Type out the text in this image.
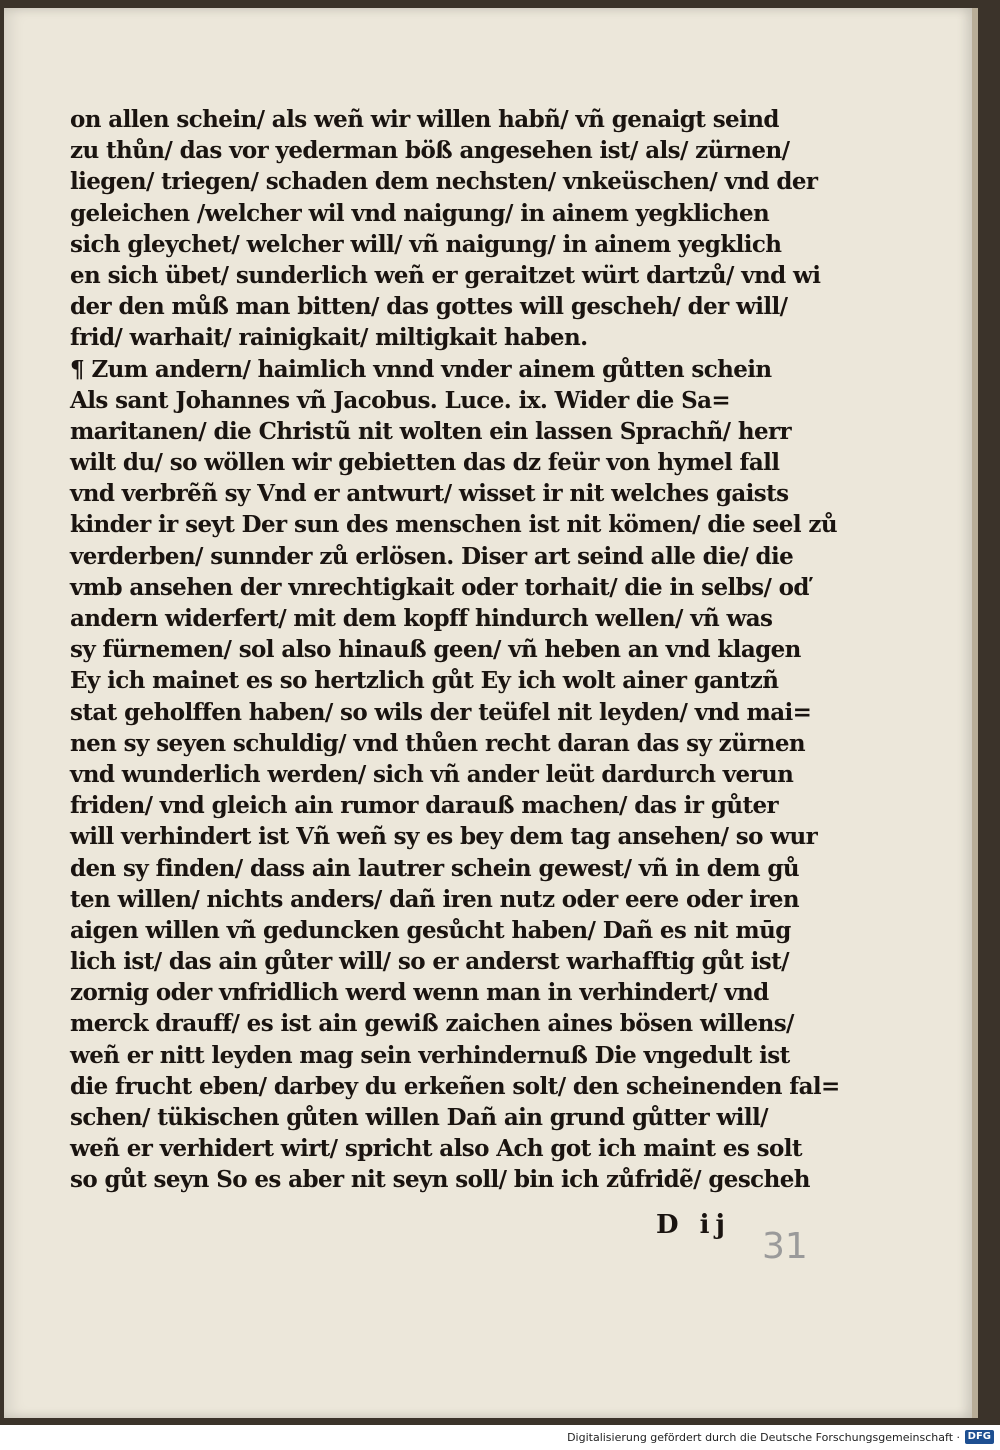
on allen schein/ als weñ wir willen habñ/ vñ genaigt seind
zu thůn/ das vor yederman böß angesehen ist/ als/ zürnen/
liegen/ triegen/ schaden dem nechsten/ vnkeüschen/ vnd der
geleichen /welcher wil vnd naigung/ in ainem yegklichen
sich gleychet/ welcher will/ vñ naigung/ in ainem yegklich
en sich übet/ sunderlich weñ er geraitzet würt dartzů/ vnd wi
der den můß man bitten/ das gottes will gescheh/ der will/
frid/ warhait/ rainigkait/ miltigkait haben.
¶ Zum andern/ haimlich vnnd vnder ainem gůtten schein
Als sant Johannes vñ Jacobus. Luce. ix. Wider die Sa=
maritanen/ die Christũ nit wolten ein lassen Sprachñ/ herr
wilt du/ so wöllen wir gebietten das dz feür von hymel fall
vnd verbrẽñ sy Vnd er antwurt/ wisset ir nit welches gaists
kinder ir seyt Der sun des menschen ist nit kömen/ die seel zů
verderben/ sunnder zů erlösen. Diser art seind alle die/ die
vmb ansehen der vnrechtigkait oder torhait/ die in selbs/ oď
andern widerfert/ mit dem kopff hindurch wellen/ vñ was
sy fürnemen/ sol also hinauß geen/ vñ heben an vnd klagen
Ey ich mainet es so hertzlich gůt Ey ich wolt ainer gantzñ
stat geholffen haben/ so wils der teüfel nit leyden/ vnd mai=
nen sy seyen schuldig/ vnd thůen recht daran das sy zürnen
vnd wunderlich werden/ sich vñ ander leüt dardurch verun
friden/ vnd gleich ain rumor darauß machen/ das ir gůter
will verhindert ist Vñ weñ sy es bey dem tag ansehen/ so wur
den sy finden/ dass ain lautrer schein gewest/ vñ in dem gů
ten willen/ nichts anders/ dañ iren nutz oder eere oder iren
aigen willen vñ geduncken gesůcht haben/ Dañ es nit mūg
lich ist/ das ain gůter will/ so er anderst warhafftig gůt ist/
zornig oder vnfridlich werd wenn man in verhindert/ vnd
merck drauff/ es ist ain gewiß zaichen aines bösen willens/
weñ er nitt leyden mag sein verhindernuß Die vngedult ist
die frucht eben/ darbey du erkeñen solt/ den scheinenden fal=
schen/ tükischen gůten willen Dañ ain grund gůtter will/
weñ er verhidert wirt/ spricht also Ach got ich maint es solt
so gůt seyn So es aber nit seyn soll/ bin ich zůfridẽ/ gescheh
D ij
31
Digitalisierung gefördert durch die Deutsche Forschungsgemeinschaft · DFG
